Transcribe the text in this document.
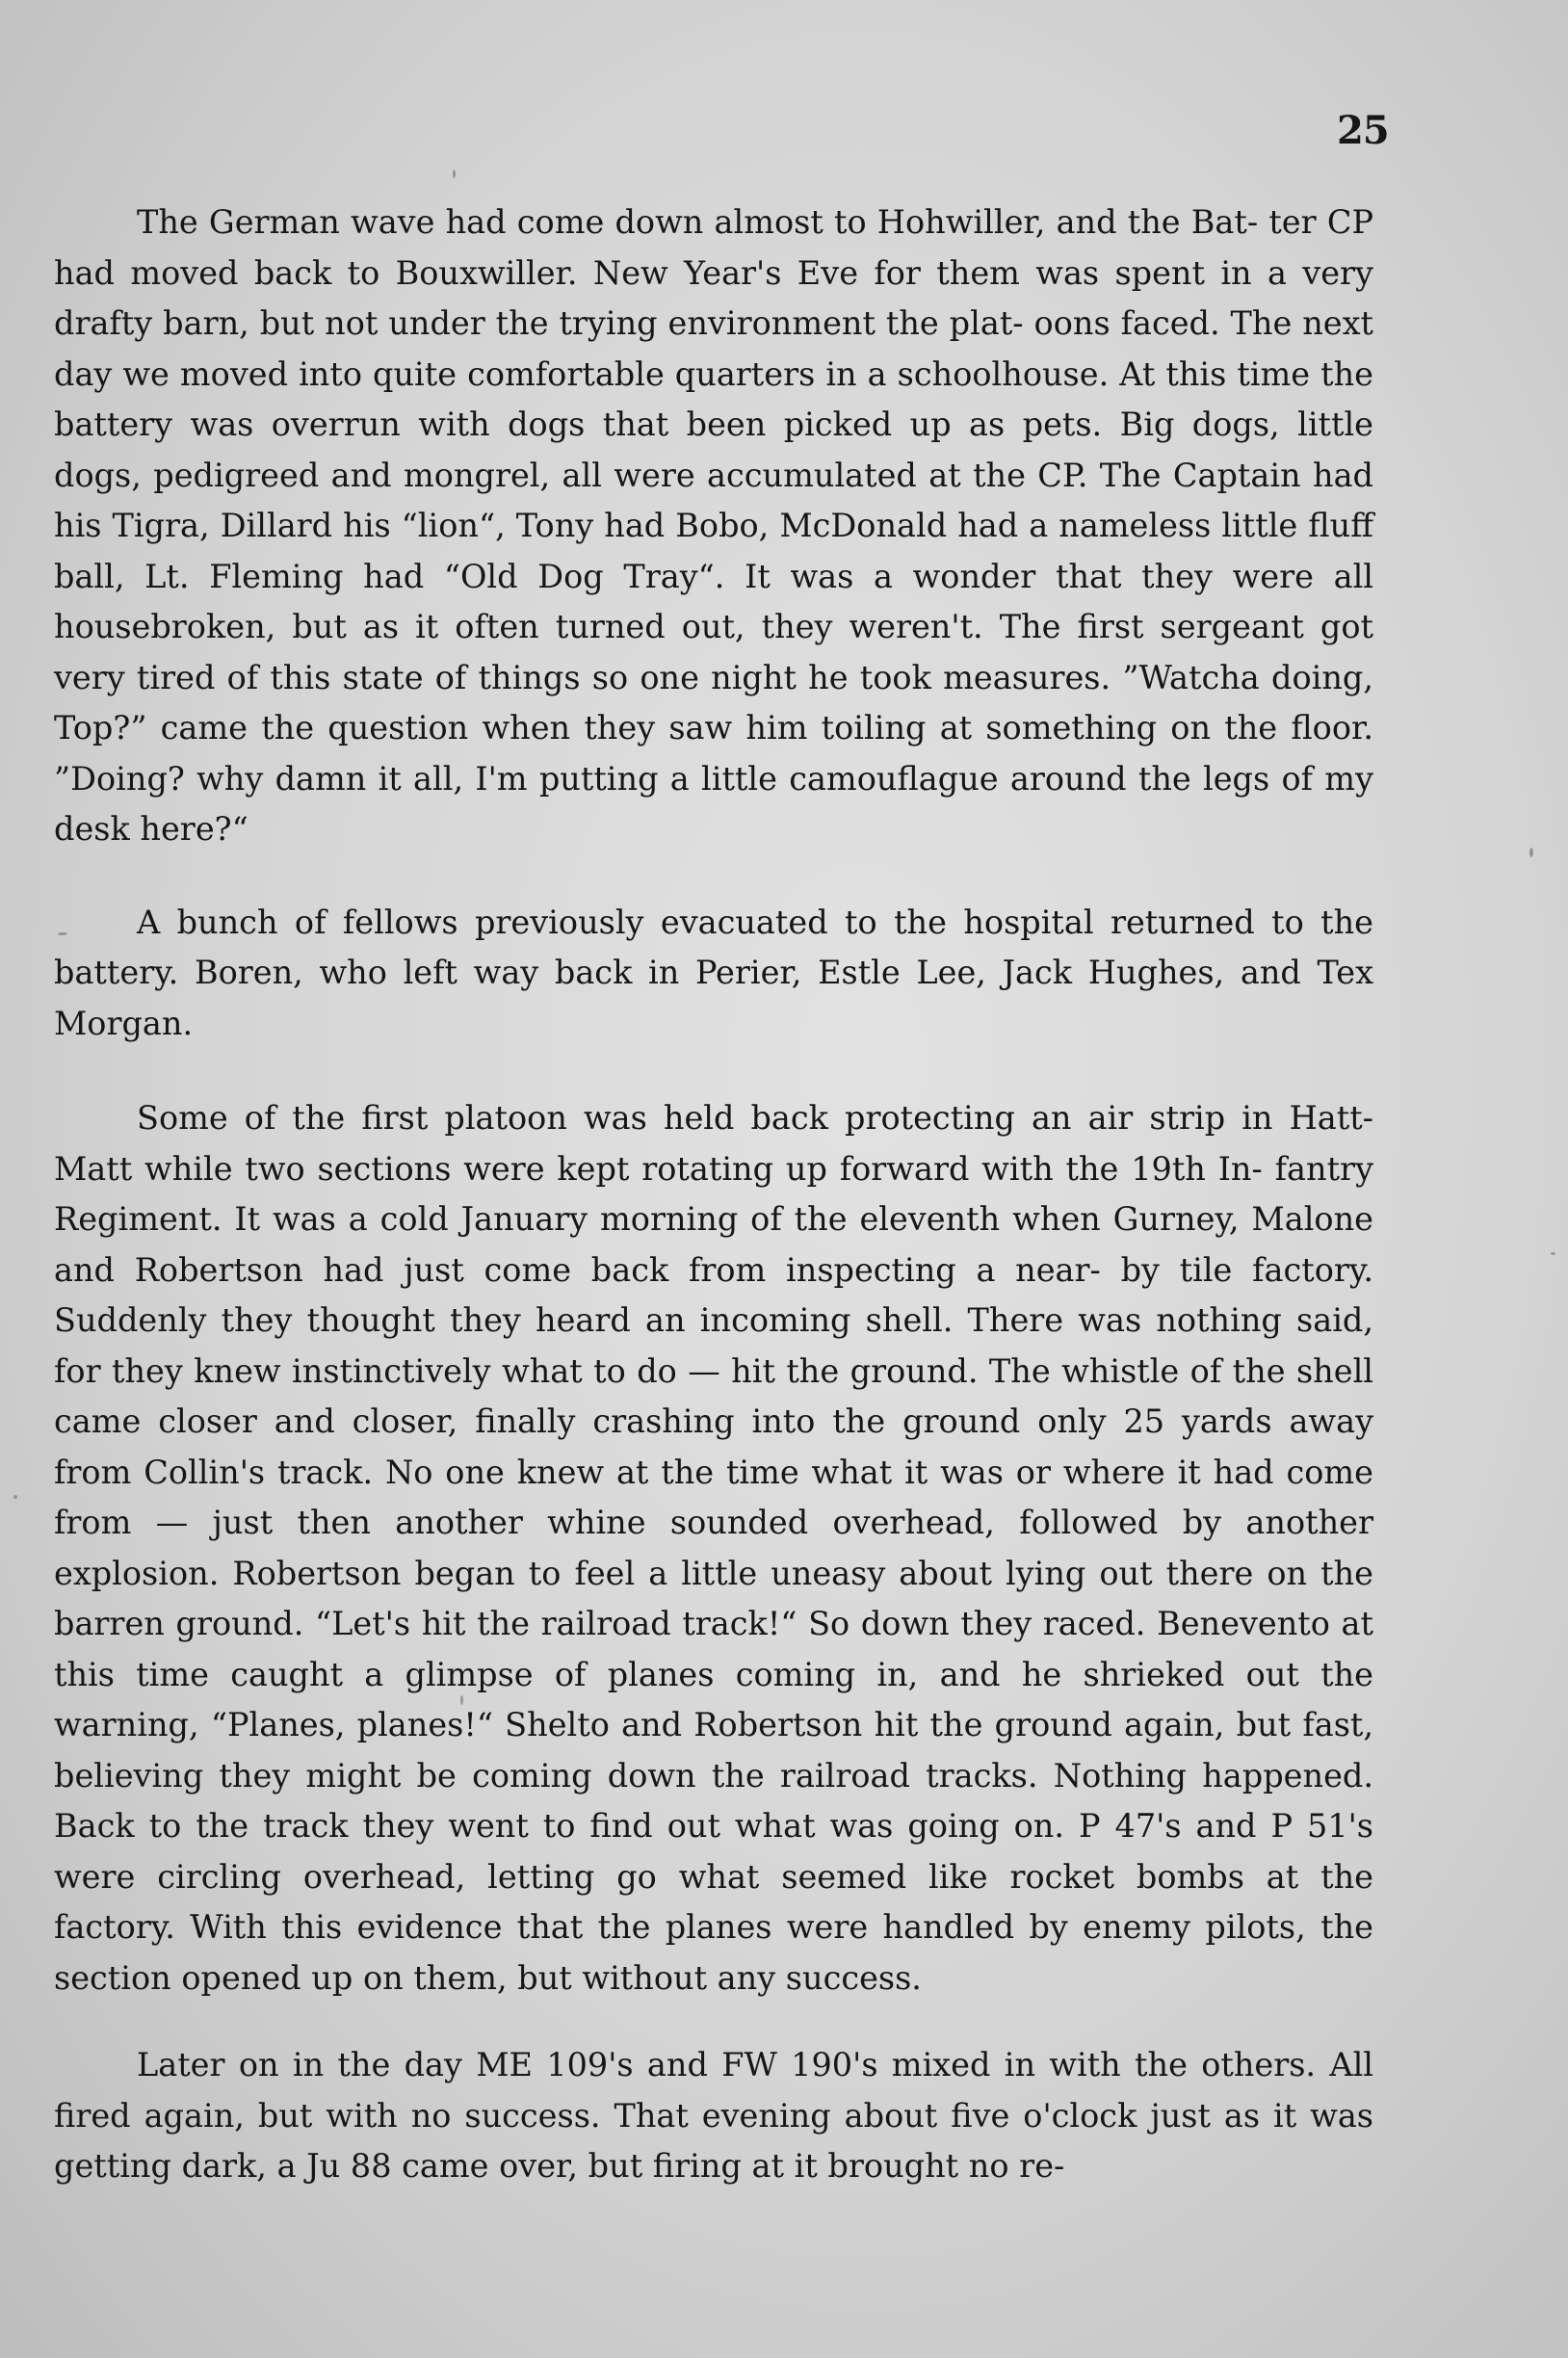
25

The German wave had come down almost to Hohwiller, and the Bat- ter CP had moved back to Bouxwiller. New Year's Eve for them was spent in a very drafty barn, but not under the trying environment the plat- oons faced. The next day we moved into quite comfortable quarters in a schoolhouse. At this time the battery was overrun with dogs that been picked up as pets. Big dogs, little dogs, pedigreed and mongrel, all were accumulated at the CP. The Captain had his Tigra, Dillard his “lion“, Tony had Bobo, McDonald had a nameless little fluff ball, Lt. Fleming had “Old Dog Tray“. It was a wonder that they were all housebroken, but as it often turned out, they weren't. The first sergeant got very tired of this state of things so one night he took measures. ”Watcha doing, Top?” came the question when they saw him toiling at something on the floor. ”Doing? why damn it all, I'm putting a little camouflague around the legs of my desk here?“

A bunch of fellows previously evacuated to the hospital returned to the battery. Boren, who left way back in Perier, Estle Lee, Jack Hughes, and Tex Morgan.

Some of the first platoon was held back protecting an air strip in Hatt- Matt while two sections were kept rotating up forward with the 19th In- fantry Regiment. It was a cold January morning of the eleventh when Gurney, Malone and Robertson had just come back from inspecting a near- by tile factory. Suddenly they thought they heard an incoming shell. There was nothing said, for they knew instinctively what to do — hit the ground. The whistle of the shell came closer and closer, finally crashing into the ground only 25 yards away from Collin's track. No one knew at the time what it was or where it had come from — just then another whine sounded overhead, followed by another explosion. Robertson began to feel a little uneasy about lying out there on the barren ground. “Let's hit the railroad track!“ So down they raced. Benevento at this time caught a glimpse of planes coming in, and he shrieked out the warning, “Planes, planes!“ Shelto and Robertson hit the ground again, but fast, believing they might be coming down the railroad tracks. Nothing happened. Back to the track they went to find out what was going on. P 47's and P 51's were circling overhead, letting go what seemed like rocket bombs at the factory. With this evidence that the planes were handled by enemy pilots, the section opened up on them, but without any success.

Later on in the day ME 109's and FW 190's mixed in with the others. All fired again, but with no success. That evening about five o'clock just as it was getting dark, a Ju 88 came over, but firing at it brought no re-
